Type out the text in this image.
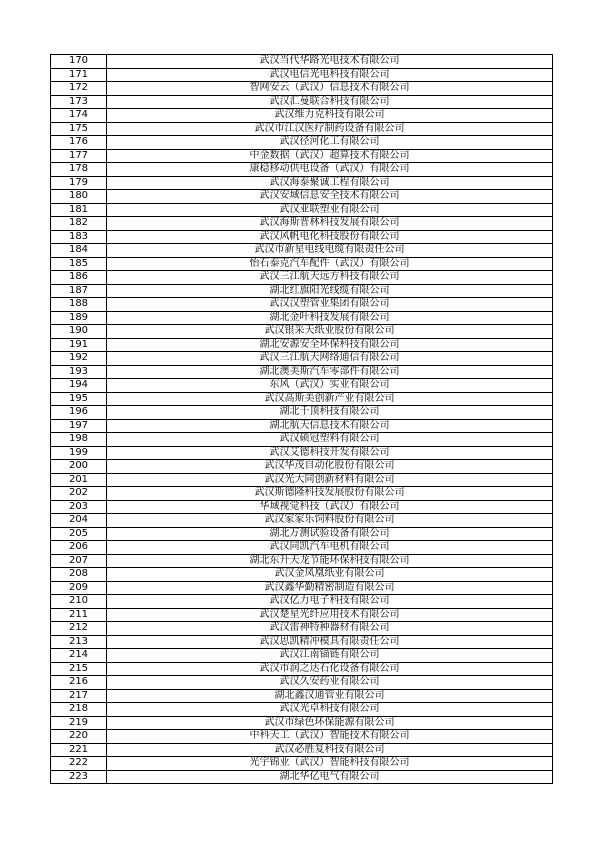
170	武汉当代华路光电技术有限公司
171	武汉电信光电科技有限公司
172	智网安云（武汉）信息技术有限公司
173	武汉汇曼联合科技有限公司
174	武汉维力克科技有限公司
175	武汉市江汉医疗制药设备有限公司
176	武汉径河化工有限公司
177	中金数据（武汉）超算技术有限公司
178	康稳移动供电设备（武汉）有限公司
179	武汉海泰聚诚工程有限公司
180	武汉安域信息安全技术有限公司
181	武汉亚联塑业有限公司
182	武汉海斯普林科技发展有限公司
183	武汉风帆电化科技股份有限公司
184	武汉市新星电线电缆有限责任公司
185	怡石泰克汽车配件（武汉）有限公司
186	武汉三江航天远方科技有限公司
187	湖北红旗阳光线缆有限公司
188	武汉汉塑管业集团有限公司
189	湖北金叶科技发展有限公司
190	武汉银采天纸业股份有限公司
191	湖北安源安全环保科技有限公司
192	武汉三江航天网络通信有限公司
193	湖北澳美斯汽车零部件有限公司
194	东风（武汉）实业有限公司
195	武汉高斯美创新产业有限公司
196	湖北千顶科技有限公司
197	湖北航天信息技术有限公司
198	武汉硕冠塑料有限公司
199	武汉艾德科技开发有限公司
200	武汉华茂自动化股份有限公司
201	武汉光大同创新材料有限公司
202	武汉斯德隆科技发展股份有限公司
203	华域视觉科技（武汉）有限公司
204	武汉家家乐饲料股份有限公司
205	湖北万测试验设备有限公司
206	武汉同凯汽车电机有限公司
207	湖北东升天龙节能环保科技有限公司
208	武汉金凤凰纸业有限公司
209	武汉鑫华勤精密制造有限公司
210	武汉亿力电子科技有限公司
211	武汉楚星光纤应用技术有限公司
212	武汉雷神特种器材有限公司
213	武汉思凯精冲模具有限责任公司
214	武汉江南锚链有限公司
215	武汉市润之达石化设备有限公司
216	武汉久安药业有限公司
217	湖北鑫汉通管业有限公司
218	武汉光卓科技有限公司
219	武汉市绿色环保能源有限公司
220	中科天工（武汉）智能技术有限公司
221	武汉必胜复科技有限公司
222	光宇锦业（武汉）智能科技有限公司
223	湖北华亿电气有限公司
